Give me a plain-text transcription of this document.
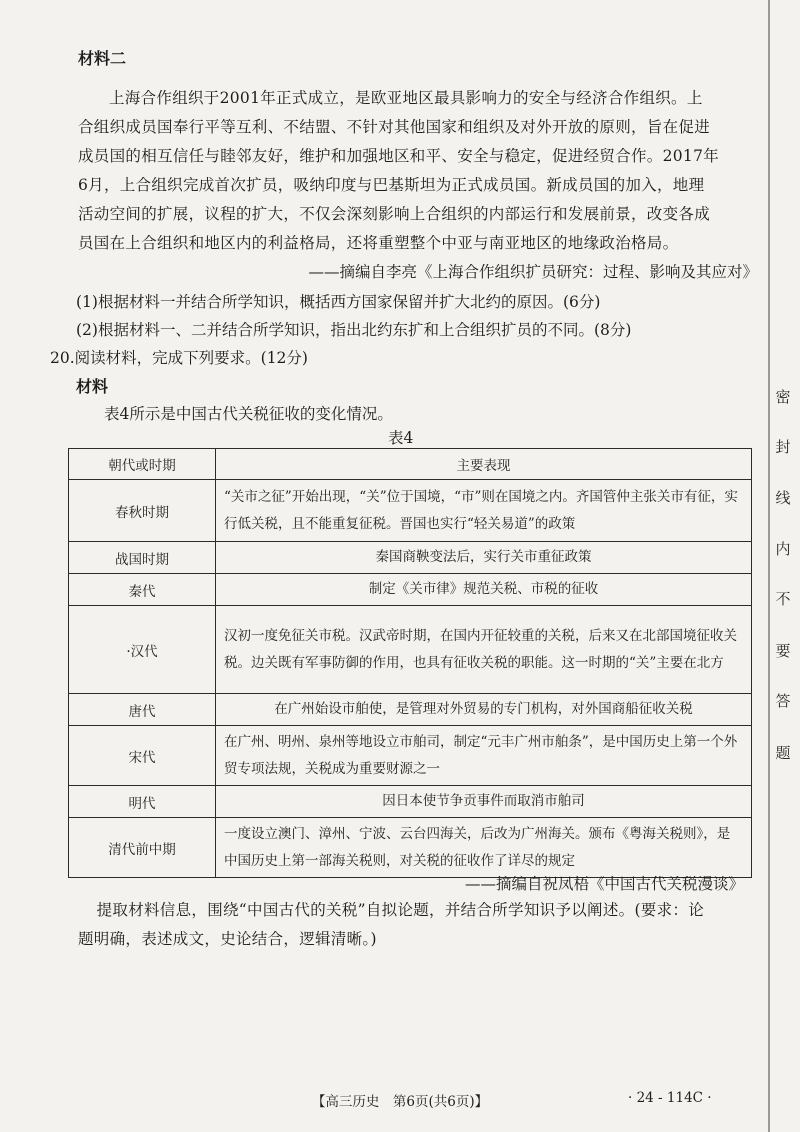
材料二
上海合作组织于2001年正式成立，是欧亚地区最具影响力的安全与经济合作组织。上
合组织成员国奉行平等互利、不结盟、不针对其他国家和组织及对外开放的原则，旨在促进
成员国的相互信任与睦邻友好，维护和加强地区和平、安全与稳定，促进经贸合作。2017年
6月，上合组织完成首次扩员，吸纳印度与巴基斯坦为正式成员国。新成员国的加入，地理
活动空间的扩展，议程的扩大，不仅会深刻影响上合组织的内部运行和发展前景，改变各成
员国在上合组织和地区内的利益格局，还将重塑整个中亚与南亚地区的地缘政治格局。
——摘编自李亮《上海合作组织扩员研究：过程、影响及其应对》
(1)根据材料一并结合所学知识，概括西方国家保留并扩大北约的原因。(6分)
(2)根据材料一、二并结合所学知识，指出北约东扩和上合组织扩员的不同。(8分)
20.阅读材料，完成下列要求。(12分)
材料
表4所示是中国古代关税征收的变化情况。
表4
朝代或时期	主要表现
春秋时期	“关市之征”开始出现，“关”位于国境，“市”则在国境之内。齐国管仲主张关市有征，实行低关税，且不能重复征税。晋国也实行“轻关易道”的政策
战国时期	秦国商鞅变法后，实行关市重征政策
秦代	制定《关市律》规范关税、市税的征收
·汉代	汉初一度免征关市税。汉武帝时期，在国内开征较重的关税，后来又在北部国境征收关税。边关既有军事防御的作用，也具有征收关税的职能。这一时期的“关”主要在北方
唐代	在广州始设市舶使，是管理对外贸易的专门机构，对外国商船征收关税
宋代	在广州、明州、泉州等地设立市舶司，制定“元丰广州市舶条”，是中国历史上第一个外贸专项法规，关税成为重要财源之一
明代	因日本使节争贡事件而取消市舶司
清代前中期	一度设立澳门、漳州、宁波、云台四海关，后改为广州海关。颁布《粤海关税则》，是中国历史上第一部海关税则，对关税的征收作了详尽的规定
——摘编自祝凤梧《中国古代关税漫谈》
提取材料信息，围绕“中国古代的关税”自拟论题，并结合所学知识予以阐述。(要求：论
题明确，表述成文，史论结合，逻辑清晰。)
密
封
线
内
不
要
答
题
【高三历史　第6页(共6页)】	· 24 - 114C ·
